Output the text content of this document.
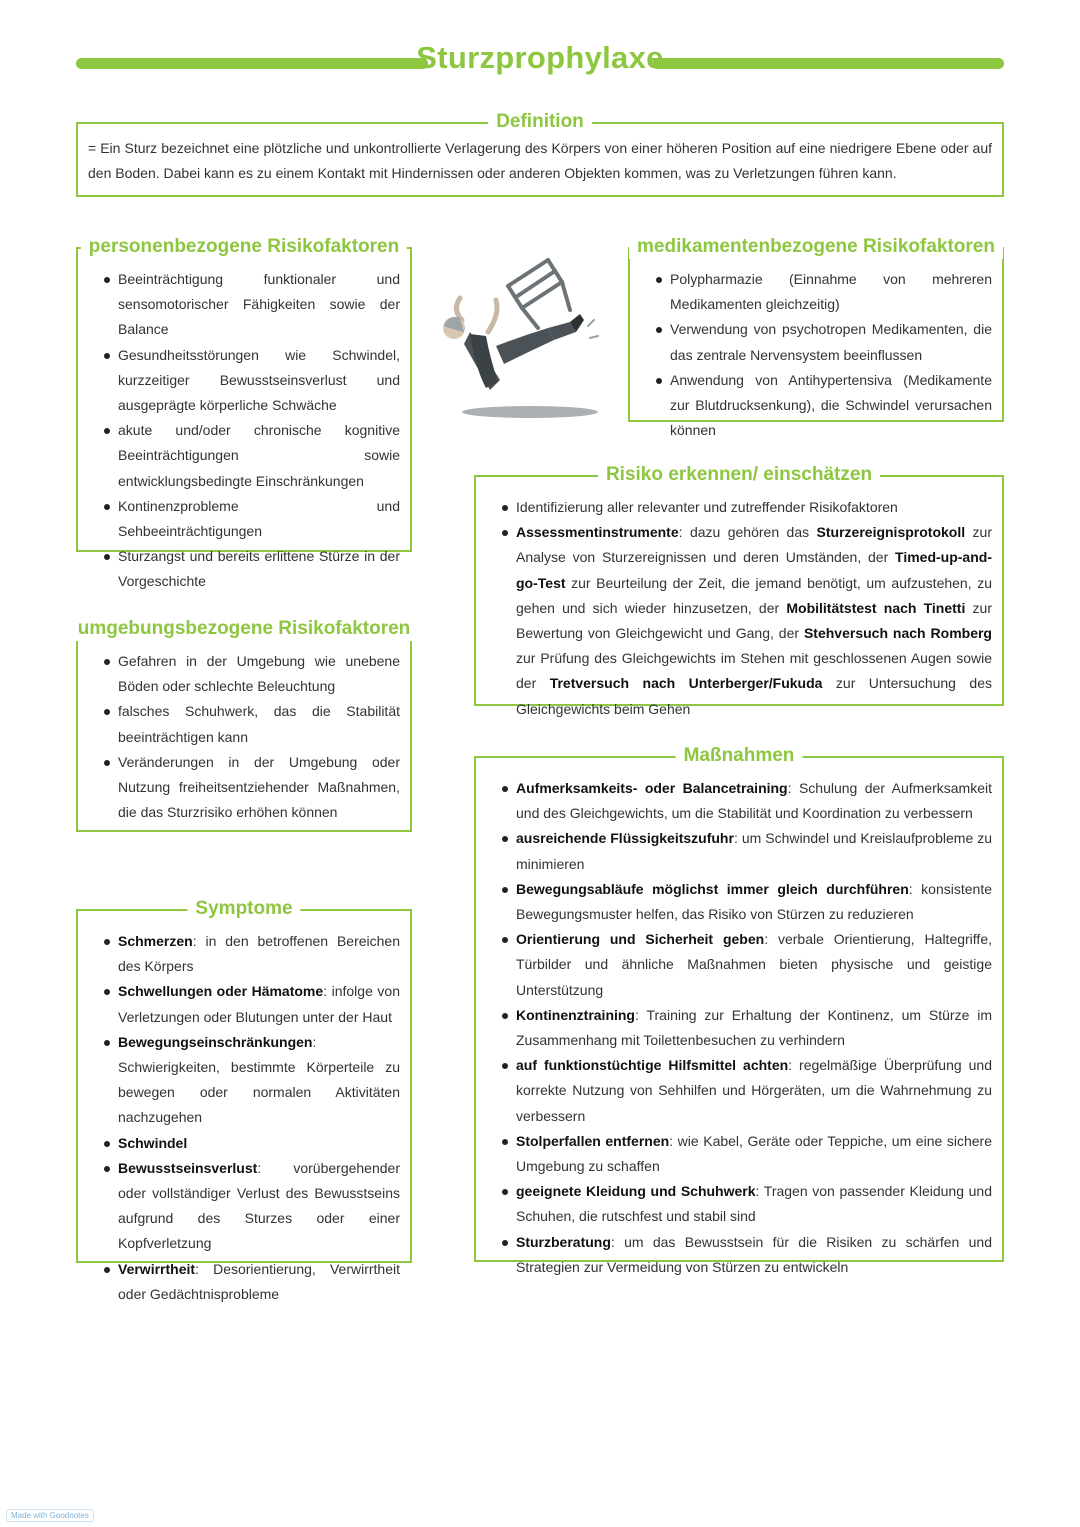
Sturzprophylaxe
Definition
= Ein Sturz bezeichnet eine plötzliche und unkontrollierte Verlagerung des Körpers von einer höheren Position auf eine niedrigere Ebene oder auf den Boden. Dabei kann es zu einem Kontakt mit Hindernissen oder anderen Objekten kommen, was zu Verletzungen führen kann.
personenbezogene Risikofaktoren
Beeinträchtigung funktionaler und sensomotorischer Fähigkeiten sowie der Balance
Gesundheitsstörungen wie Schwindel, kurzzeitiger Bewusstseinsverlust und ausgeprägte körperliche Schwäche
akute und/oder chronische kognitive Beeinträchtigungen sowie entwicklungsbedingte Einschränkungen
Kontinenzprobleme und Sehbeeinträchtigungen
Sturzangst und bereits erlittene Stürze in der Vorgeschichte
medikamentenbezogene Risikofaktoren
Polypharmazie (Einnahme von mehreren Medikamenten gleichzeitig)
Verwendung von psychotropen Medikamenten, die das zentrale Nervensystem beeinflussen
Anwendung von Antihypertensiva (Medikamente zur Blutdrucksenkung), die Schwindel verursachen können
Risiko erkennen/ einschätzen
Identifizierung aller relevanter und zutreffender Risikofaktoren
Assessmentinstrumente: dazu gehören das Sturzereignisprotokoll zur Analyse von Sturzereignissen und deren Umständen, der Timed-up-and-go-Test zur Beurteilung der Zeit, die jemand benötigt, um aufzustehen, zu gehen und sich wieder hinzusetzen, der Mobilitätstest nach Tinetti zur Bewertung von Gleichgewicht und Gang, der Stehversuch nach Romberg zur Prüfung des Gleichgewichts im Stehen mit geschlossenen Augen sowie der Tretversuch nach Unterberger/Fukuda zur Untersuchung des Gleichgewichts beim Gehen
umgebungsbezogene Risikofaktoren
Gefahren in der Umgebung wie unebene Böden oder schlechte Beleuchtung
falsches Schuhwerk, das die Stabilität beeinträchtigen kann
Veränderungen in der Umgebung oder Nutzung freiheitsentziehender Maßnahmen, die das Sturzrisiko erhöhen können
Maßnahmen
Aufmerksamkeits- oder Balancetraining: Schulung der Aufmerksamkeit und des Gleichgewichts, um die Stabilität und Koordination zu verbessern
ausreichende Flüssigkeitszufuhr: um Schwindel und Kreislaufprobleme zu minimieren
Bewegungsabläufe möglichst immer gleich durchführen: konsistente Bewegungsmuster helfen, das Risiko von Stürzen zu reduzieren
Orientierung und Sicherheit geben: verbale Orientierung, Haltegriffe, Türbilder und ähnliche Maßnahmen bieten physische und geistige Unterstützung
Kontinenztraining: Training zur Erhaltung der Kontinenz, um Stürze im Zusammenhang mit Toilettenbesuchen zu verhindern
auf funktionstüchtige Hilfsmittel achten: regelmäßige Überprüfung und korrekte Nutzung von Sehhilfen und Hörgeräten, um die Wahrnehmung zu verbessern
Stolperfallen entfernen: wie Kabel, Geräte oder Teppiche, um eine sichere Umgebung zu schaffen
geeignete Kleidung und Schuhwerk: Tragen von passender Kleidung und Schuhen, die rutschfest und stabil sind
Sturzberatung: um das Bewusstsein für die Risiken zu schärfen und Strategien zur Vermeidung von Stürzen zu entwickeln
Symptome
Schmerzen: in den betroffenen Bereichen des Körpers
Schwellungen oder Hämatome: infolge von Verletzungen oder Blutungen unter der Haut
Bewegungseinschränkungen: Schwierigkeiten, bestimmte Körperteile zu bewegen oder normalen Aktivitäten nachzugehen
Schwindel
Bewusstseinsverlust: vorübergehender oder vollständiger Verlust des Bewusstseins aufgrund des Sturzes oder einer Kopfverletzung
Verwirrtheit: Desorientierung, Verwirrtheit oder Gedächtnisprobleme
Made with Goodnotes
